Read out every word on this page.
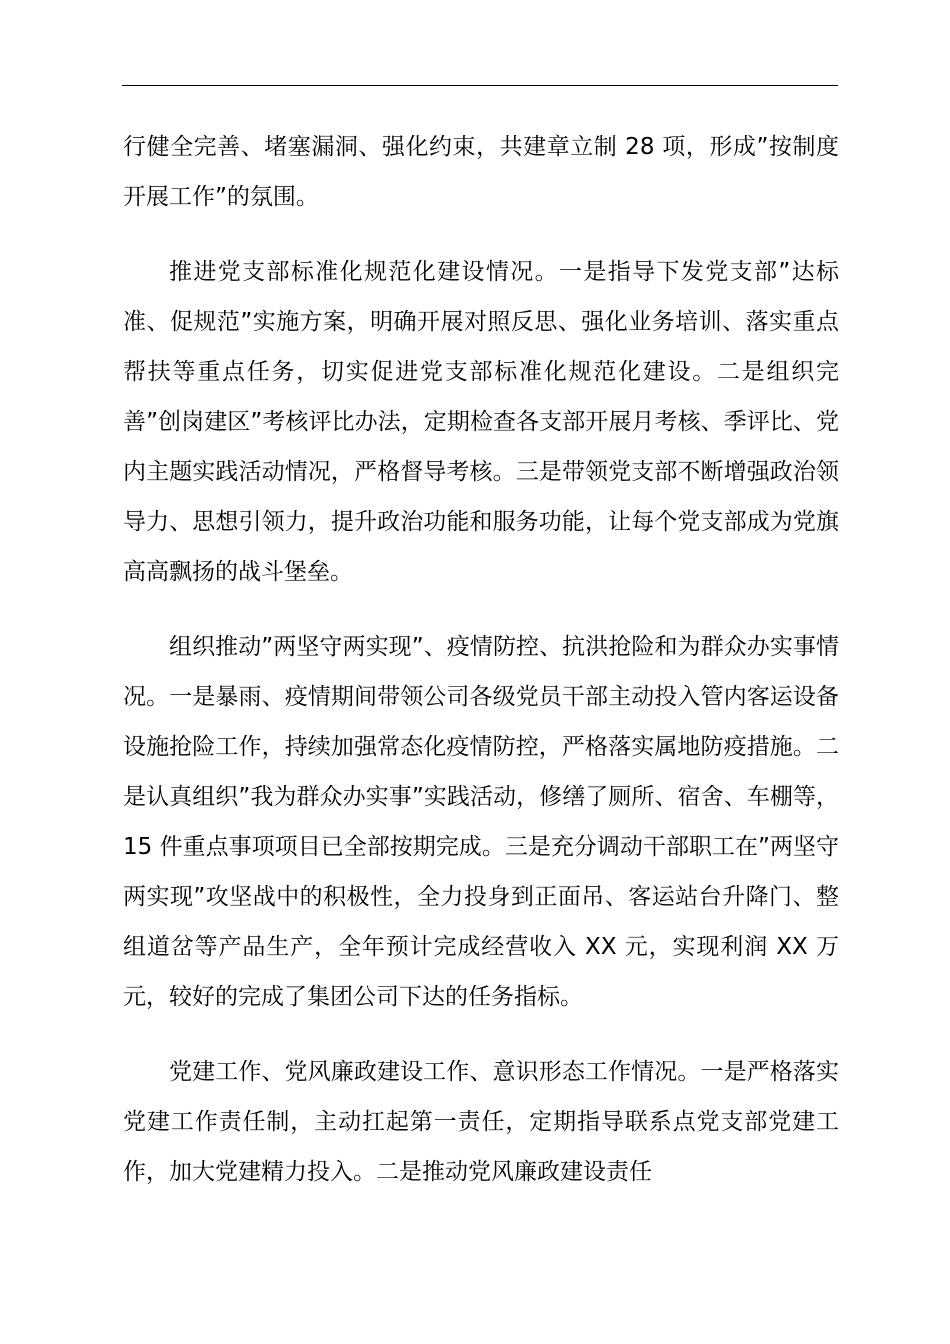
行健全完善、堵塞漏洞、强化约束，共建章立制 28 项，形成”按制度开展工作”的氛围。

推进党支部标准化规范化建设情况。一是指导下发党支部”达标准、促规范”实施方案，明确开展对照反思、强化业务培训、落实重点帮扶等重点任务，切实促进党支部标准化规范化建设。二是组织完善”创岗建区”考核评比办法，定期检查各支部开展月考核、季评比、党内主题实践活动情况，严格督导考核。三是带领党支部不断增强政治领导力、思想引领力，提升政治功能和服务功能，让每个党支部成为党旗高高飘扬的战斗堡垒。

组织推动”两坚守两实现”、疫情防控、抗洪抢险和为群众办实事情况。一是暴雨、疫情期间带领公司各级党员干部主动投入管内客运设备设施抢险工作，持续加强常态化疫情防控，严格落实属地防疫措施。二是认真组织”我为群众办实事”实践活动，修缮了厕所、宿舍、车棚等，15 件重点事项项目已全部按期完成。三是充分调动干部职工在”两坚守两实现”攻坚战中的积极性，全力投身到正面吊、客运站台升降门、整组道岔等产品生产，全年预计完成经营收入 XX 元，实现利润 XX 万元，较好的完成了集团公司下达的任务指标。

党建工作、党风廉政建设工作、意识形态工作情况。一是严格落实党建工作责任制，主动扛起第一责任，定期指导联系点党支部党建工作，加大党建精力投入。二是推动党风廉政建设责任
